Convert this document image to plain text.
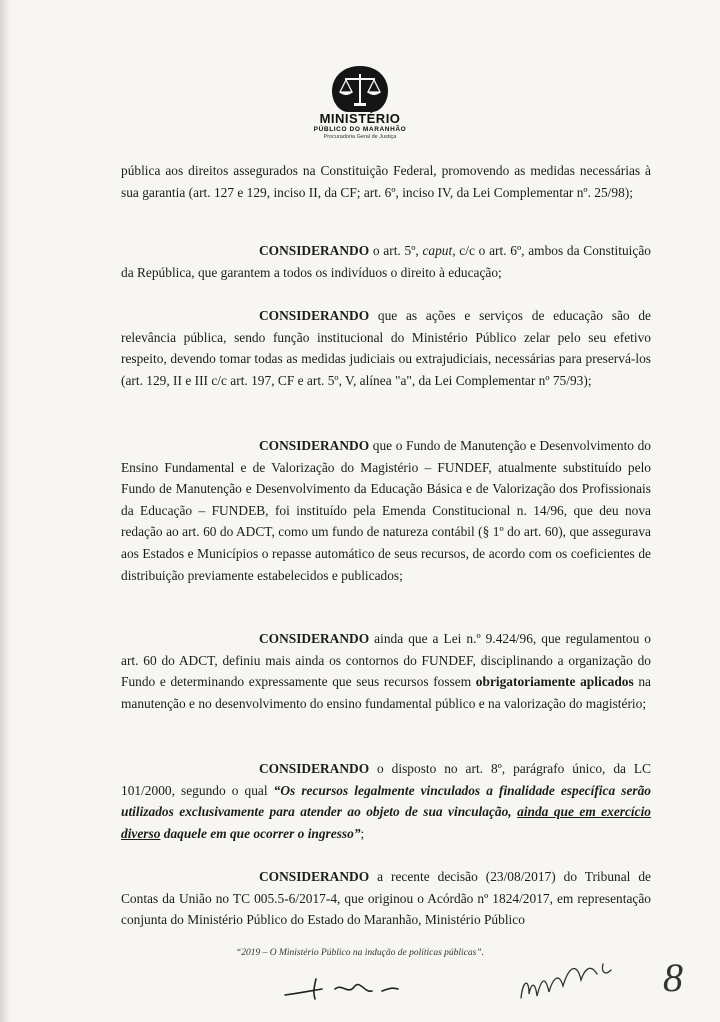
MINISTÉRIO
PÚBLICO DO MARANHÃO
Procuradoria Geral de Justiça

pública aos direitos assegurados na Constituição Federal, promovendo as medidas necessárias à sua garantia (art. 127 e 129, inciso II, da CF; art. 6º, inciso IV, da Lei Complementar nº. 25/98);

CONSIDERANDO o art. 5º, caput, c/c o art. 6º, ambos da Constituição da República, que garantem a todos os indivíduos o direito à educação;

CONSIDERANDO que as ações e serviços de educação são de relevância pública, sendo função institucional do Ministério Público zelar pelo seu efetivo respeito, devendo tomar todas as medidas judiciais ou extrajudiciais, necessárias para preservá-los (art. 129, II e III c/c art. 197, CF e art. 5º, V, alínea "a", da Lei Complementar nº 75/93);

CONSIDERANDO que o Fundo de Manutenção e Desenvolvimento do Ensino Fundamental e de Valorização do Magistério – FUNDEF, atualmente substituído pelo Fundo de Manutenção e Desenvolvimento da Educação Básica e de Valorização dos Profissionais da Educação – FUNDEB, foi instituído pela Emenda Constitucional n. 14/96, que deu nova redação ao art. 60 do ADCT, como um fundo de natureza contábil (§ 1º do art. 60), que assegurava aos Estados e Municípios o repasse automático de seus recursos, de acordo com os coeficientes de distribuição previamente estabelecidos e publicados;

CONSIDERANDO ainda que a Lei n.º 9.424/96, que regulamentou o art. 60 do ADCT, definiu mais ainda os contornos do FUNDEF, disciplinando a organização do Fundo e determinando expressamente que seus recursos fossem obrigatoriamente aplicados na manutenção e no desenvolvimento do ensino fundamental público e na valorização do magistério;

CONSIDERANDO o disposto no art. 8º, parágrafo único, da LC 101/2000, segundo o qual “Os recursos legalmente vinculados a finalidade específica serão utilizados exclusivamente para atender ao objeto de sua vinculação, ainda que em exercício diverso daquele em que ocorrer o ingresso”;

CONSIDERANDO a recente decisão (23/08/2017) do Tribunal de Contas da União no TC 005.5-6/2017-4, que originou o Acórdão nº 1824/2017, em representação conjunta do Ministério Público do Estado do Maranhão, Ministério Público

“2019 – O Ministério Público na indução de políticas públicas”.
8
